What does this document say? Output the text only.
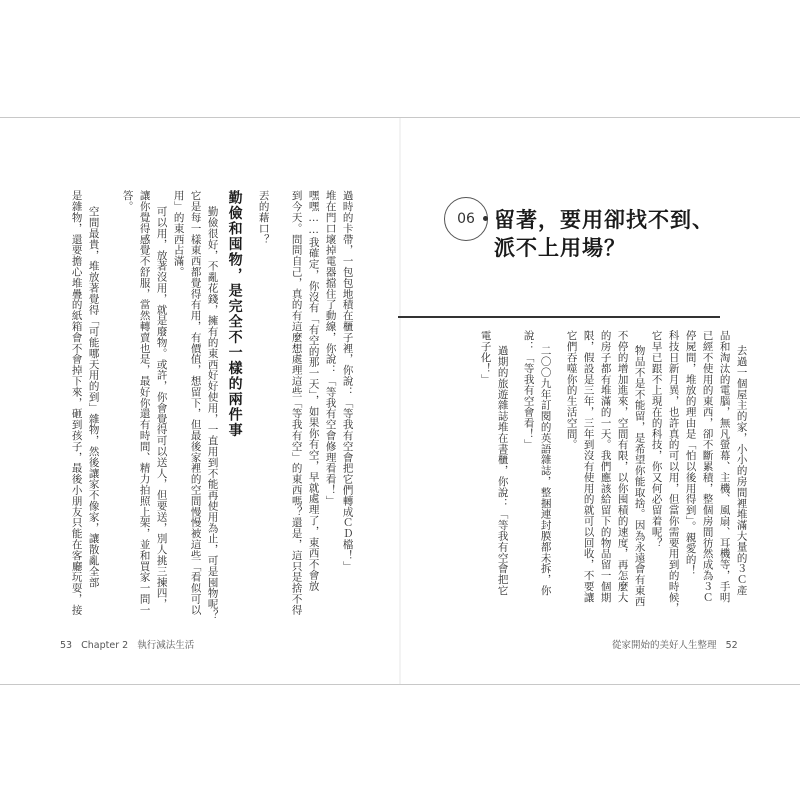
過時的卡帶，一包包地積在櫃子裡，你說：「等我有空會把它們轉成ＣＤ檔！」
堆在門口壞掉電器擋住了動線，你說：「等我有空會修理看看！」
嘿嘿……我確定，你沒有「有空的那一天」，如果你有空，早就處理了，東西不會放
到今天。問問自己，真的有這麼想處理這些「等我有空」的東西嗎？還是，這只是捨不得
丟的藉口？
勤儉和囤物，是完全不一樣的兩件事
勤儉很好，不亂花錢，擁有的東西好好使用，一直用到不能再使用為止，可是囤物呢？
它是每一樣東西都覺得有用，有價值，想留下，但最後家裡的空間慢慢被這些「看似可以
用」的東西占滿。
可以用，放著沒用，就是廢物。或許，你會覺得可以送人，但要送，別人挑三揀四，
讓你覺得感覺不舒服，當然轉賣也是，最好你還有時間、精力拍照上架，並和買家一問一
答。
空間最貴，堆放著覺得「可能哪天用的到」雜物，然後讓家不像家，讓散亂全部
是雜物，還要擔心堆疊的紙箱會不會掉下來，砸到孩子，最後小朋友只能在客廳玩耍，接
53 Chapter 2 執行減法生活
06 留著，要用卻找不到、
派不上用場？
去過一個屋主的家，小小的房間裡堆滿大量的３Ｃ產
品和淘汰的電腦，無凡螢幕、主機、風扇、耳機等，手明
已經不使用的東西，卻不斷累積，整個房間彷然成為３Ｃ
停屍間，堆放的理由是「怕以後用得到」。親愛的！
科技日新月異，也許真的可以用，但當你需要用到的時候，
它早已跟不上現在的科技，你又何必留着呢？
物品不是不能留，是希望你能取捨。因為永遠會有東西
不停的增加進來，空間有限，以你囤積的速度，再怎麼大
的房子都有堆滿的一天。我們應該給留下的物品留一個期
限，假設是三年，三年到沒有使用的就可以回收，不要讓
它們吞噬你的生活空間。
二〇〇九年訂閱的英語雜誌，整捆連封膜都未拆，你
說：「等我有空會看！」
過期的旅遊雜誌堆在書櫃，你說：「等我有空會把它
電子化！」
從家開始的美好人生整理 52
